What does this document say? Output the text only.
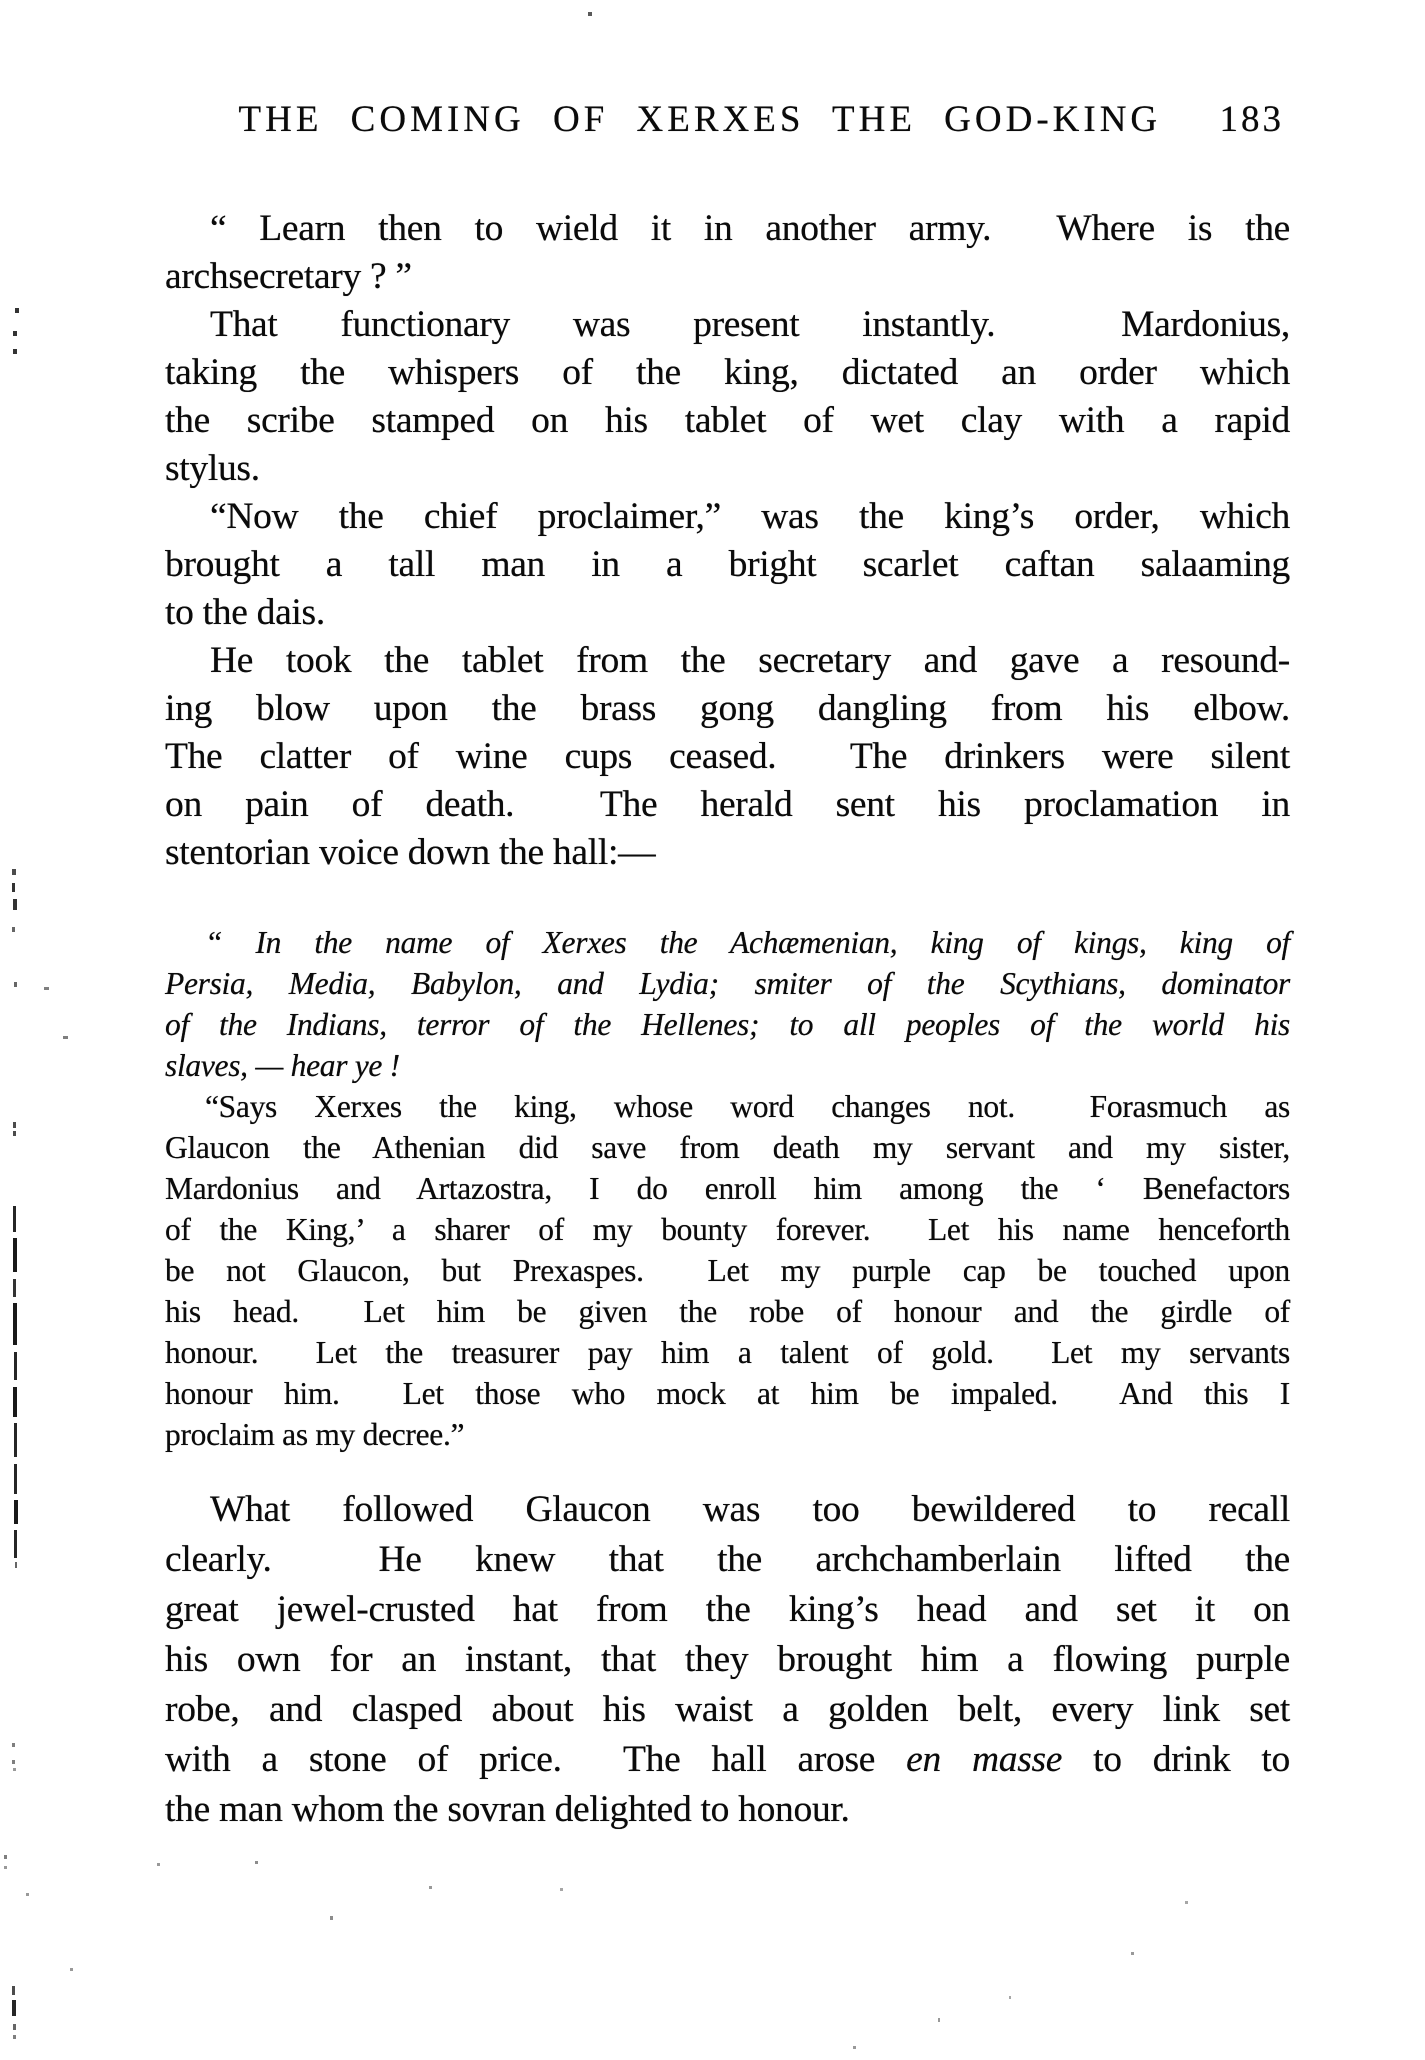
THE COMING OF XERXES THE GOD-KING 183
“ Learn then to wield it in another army.  Where is the
archsecretary ? ”
That functionary was present instantly.  Mardonius,
taking the whispers of the king, dictated an order which
the scribe stamped on his tablet of wet clay with a rapid
stylus.
“Now the chief proclaimer,” was the king’s order, which
brought a tall man in a bright scarlet caftan salaaming
to the dais.
He took the tablet from the secretary and gave a resound-
ing blow upon the brass gong dangling from his elbow.
The clatter of wine cups ceased.  The drinkers were silent
on pain of death.  The herald sent his proclamation in
stentorian voice down the hall:—
“ In the name of Xerxes the Achæmenian, king of kings, king of
Persia, Media, Babylon, and Lydia; smiter of the Scythians, dominator
of the Indians, terror of the Hellenes; to all peoples of the world his
slaves, — hear ye !
“Says Xerxes the king, whose word changes not.  Forasmuch as
Glaucon the Athenian did save from death my servant and my sister,
Mardonius and Artazostra, I do enroll him among the ‘ Benefactors
of the King,’ a sharer of my bounty forever.  Let his name henceforth
be not Glaucon, but Prexaspes.  Let my purple cap be touched upon
his head.  Let him be given the robe of honour and the girdle of
honour.  Let the treasurer pay him a talent of gold.  Let my servants
honour him.  Let those who mock at him be impaled.  And this I
proclaim as my decree.”
What followed Glaucon was too bewildered to recall
clearly.  He knew that the archchamberlain lifted the
great jewel-crusted hat from the king’s head and set it on
his own for an instant, that they brought him a flowing purple
robe, and clasped about his waist a golden belt, every link set
with a stone of price.  The hall arose en masse to drink to
the man whom the sovran delighted to honour.
